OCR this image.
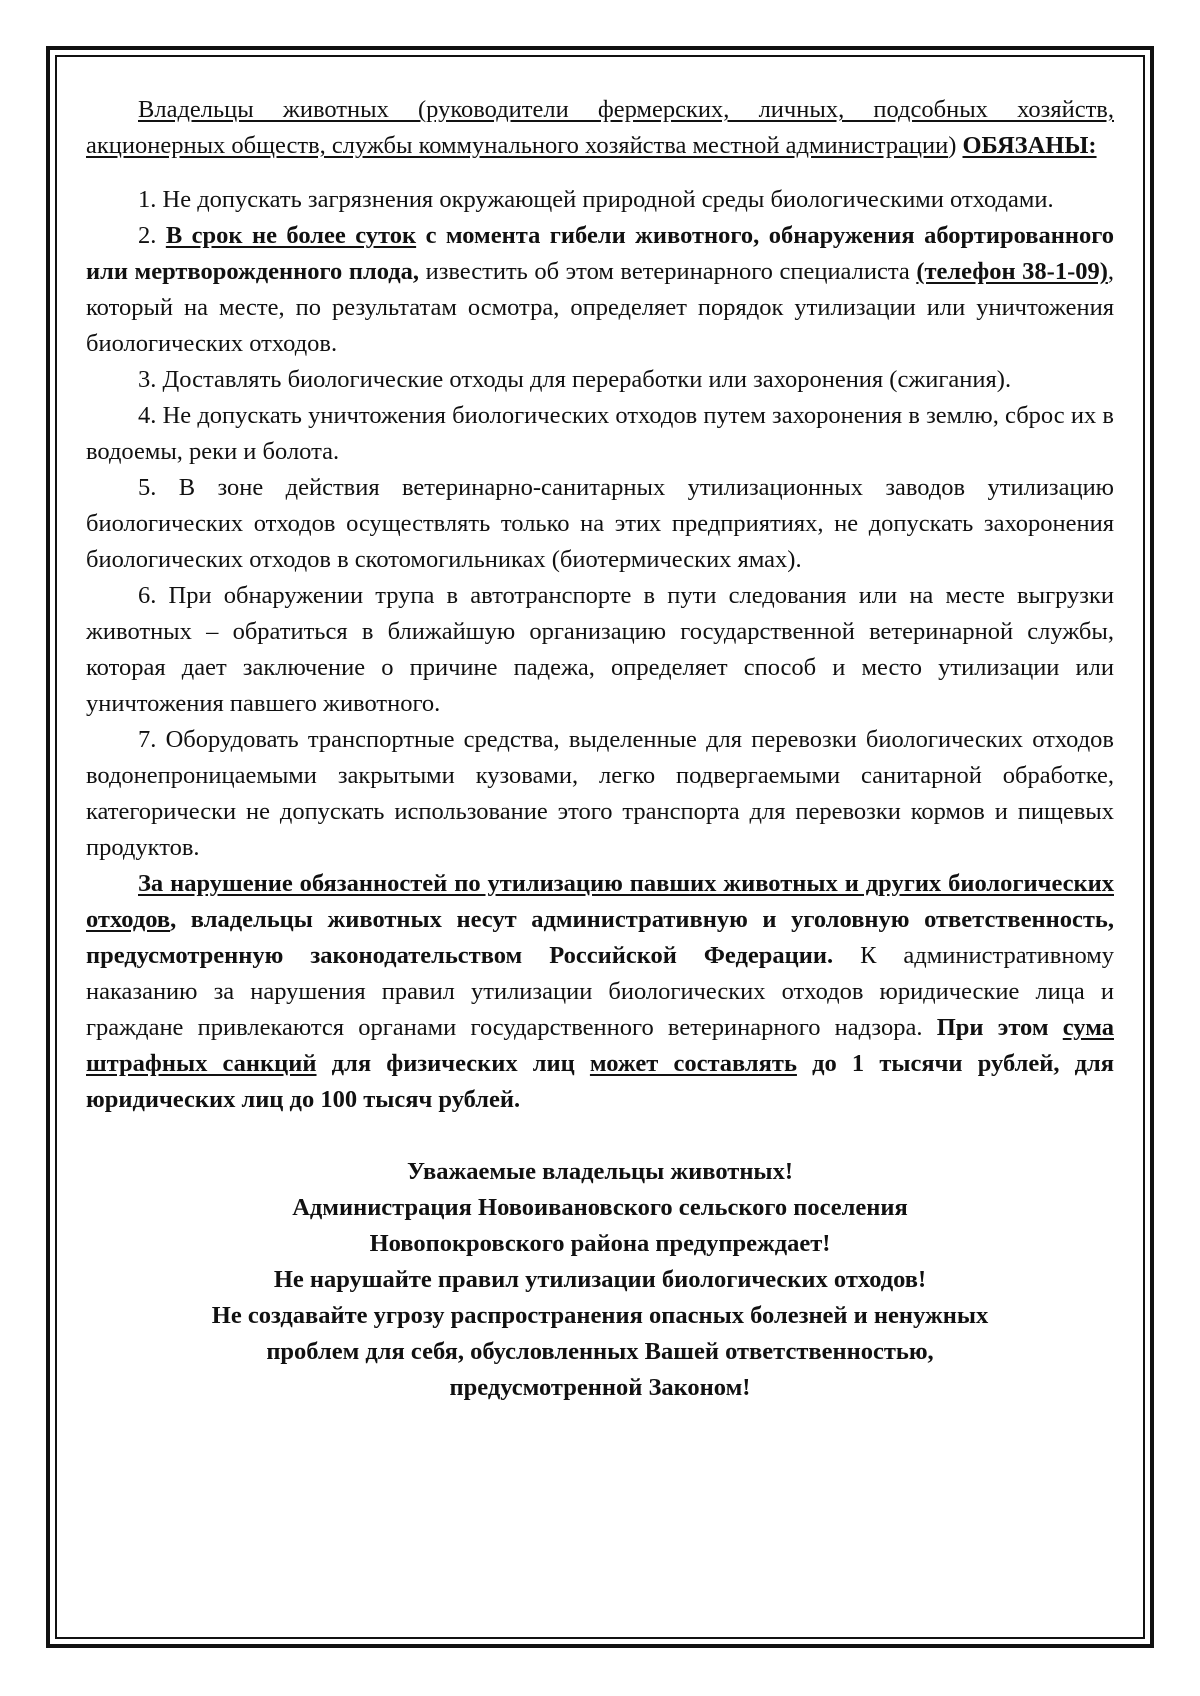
Владельцы животных (руководители фермерских, личных, подсобных хозяйств, акционерных обществ, службы коммунального хозяйства местной администрации) ОБЯЗАНЫ:

1. Не допускать загрязнения окружающей природной среды биологическими отходами.

2. В срок не более суток с момента гибели животного, обнаружения абортированного или мертворожденного плода, известить об этом ветеринарного специалиста (телефон 38-1-09), который на месте, по результатам осмотра, определяет порядок утилизации или уничтожения биологических отходов.

3. Доставлять биологические отходы для переработки или захоронения (сжигания).

4. Не допускать уничтожения биологических отходов путем захоронения в землю, сброс их в водоемы, реки и болота.

5. В зоне действия ветеринарно-санитарных утилизационных заводов утилизацию биологических отходов осуществлять только на этих предприятиях, не допускать захоронения биологических отходов в скотомогильниках (биотермических ямах).

6. При обнаружении трупа в автотранспорте в пути следования или на месте выгрузки животных – обратиться в ближайшую организацию государственной ветеринарной службы, которая дает заключение о причине падежа, определяет способ и место утилизации или уничтожения павшего животного.

7. Оборудовать транспортные средства, выделенные для перевозки биологических отходов водонепроницаемыми закрытыми кузовами, легко подвергаемыми санитарной обработке, категорически не допускать использование этого транспорта для перевозки кормов и пищевых продуктов.

За нарушение обязанностей по утилизацию павших животных и других биологических отходов, владельцы животных несут административную и уголовную ответственность, предусмотренную законодательством Российской Федерации. К административному наказанию за нарушения правил утилизации биологических отходов юридические лица и граждане привлекаются органами государственного ветеринарного надзора. При этом сума штрафных санкций для физических лиц может составлять до 1 тысячи рублей, для юридических лиц до 100 тысяч рублей.

Уважаемые владельцы животных!
Администрация Новоивановского сельского поселения
Новопокровского района предупреждает!
Не нарушайте правил утилизации биологических отходов!
Не создавайте угрозу распространения опасных болезней и ненужных
проблем для себя, обусловленных Вашей ответственностью,
предусмотренной Законом!
